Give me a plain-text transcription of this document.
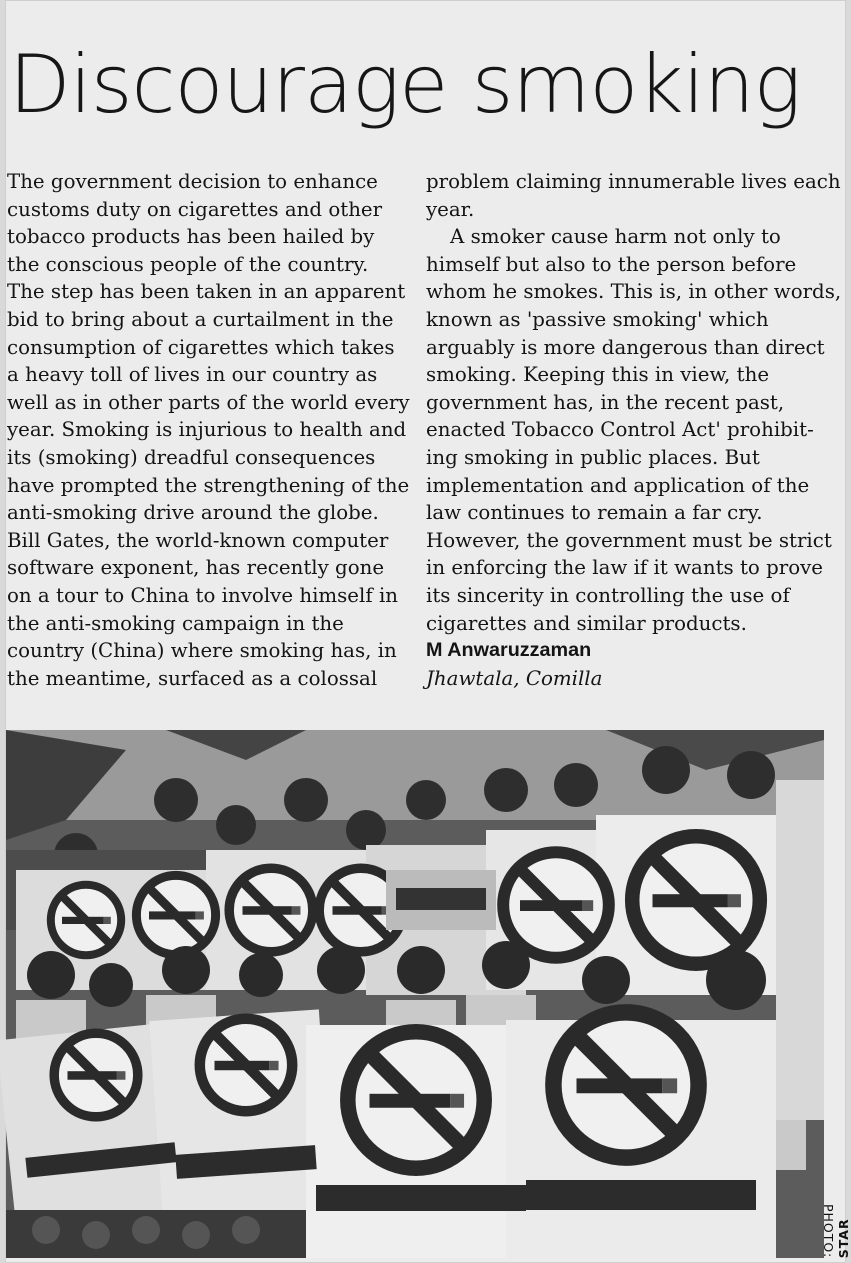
Discourage smoking

The government decision to enhance customs duty on cigarettes and other tobacco products has been hailed by the conscious people of the country. The step has been taken in an apparent bid to bring about a curtailment in the consumption of cigarettes which takes a heavy toll of lives in our country as well as in other parts of the world every year. Smoking is injurious to health and its (smoking) dreadful consequences have prompted the strengthening of the anti-smoking drive around the globe. Bill Gates, the world-known computer software exponent, has recently gone on a tour to China to involve himself in the anti-smoking campaign in the country (China) where smoking has, in the meantime, surfaced as a colossal

problem claiming innumerable lives each year.

A smoker cause harm not only to himself but also to the person before whom he smokes. This is, in other words, known as 'passive smoking' which arguably is more dangerous than direct smoking. Keeping this in view, the government has, in the recent past, enacted Tobacco Control Act' prohibit-ing smoking in public places. But implementation and application of the law continues to remain a far cry. However, the government must be strict in enforcing the law if it wants to prove its sincerity in controlling the use of cigarettes and similar products.

M Anwaruzzaman

Jhawtala, Comilla

PHOTO: STAR
